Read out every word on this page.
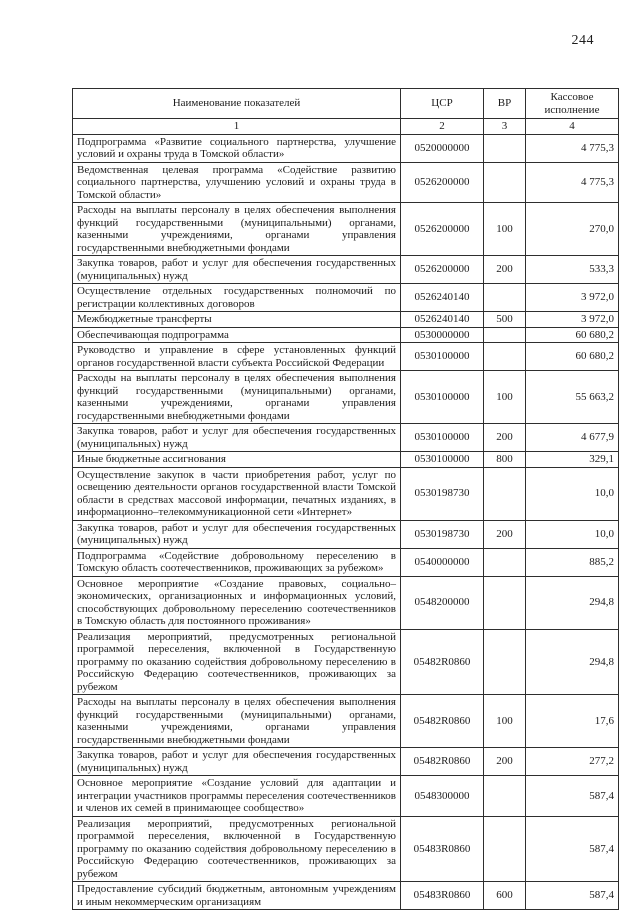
244
Наименование показателей	ЦСР	ВР	Кассовое исполнение
1	2	3	4
Подпрограмма «Развитие социального партнерства, улучшение условий и охраны труда в Томской области»	0520000000		4 775,3
Ведомственная целевая программа «Содействие развитию социального партнерства, улучшению условий и охраны труда в Томской области»	0526200000		4 775,3
Расходы на выплаты персоналу в целях обеспечения выполнения функций государственными (муниципальными) органами, казенными учреждениями, органами управления государственными внебюджетными фондами	0526200000	100	270,0
Закупка товаров, работ и услуг для обеспечения государственных (муниципальных) нужд	0526200000	200	533,3
Осуществление отдельных государственных полномочий по регистрации коллективных договоров	0526240140		3 972,0
Межбюджетные трансферты	0526240140	500	3 972,0
Обеспечивающая подпрограмма	0530000000		60 680,2
Руководство и управление в сфере установленных функций органов государственной власти субъекта Российской Федерации	0530100000		60 680,2
Расходы на выплаты персоналу в целях обеспечения выполнения функций государственными (муниципальными) органами, казенными учреждениями, органами управления государственными внебюджетными фондами	0530100000	100	55 663,2
Закупка товаров, работ и услуг для обеспечения государственных (муниципальных) нужд	0530100000	200	4 677,9
Иные бюджетные ассигнования	0530100000	800	329,1
Осуществление закупок в части приобретения работ, услуг по освещению деятельности органов государственной власти Томской области в средствах массовой информации, печатных изданиях, в информационно–телекоммуникационной сети «Интернет»	0530198730		10,0
Закупка товаров, работ и услуг для обеспечения государственных (муниципальных) нужд	0530198730	200	10,0
Подпрограмма «Содействие добровольному переселению в Томскую область соотечественников, проживающих за рубежом»	0540000000		885,2
Основное мероприятие «Создание правовых, социально–экономических, организационных и информационных условий, способствующих добровольному переселению соотечественников в Томскую область для постоянного проживания»	0548200000		294,8
Реализация мероприятий, предусмотренных региональной программой переселения, включенной в Государственную программу по оказанию содействия добровольному переселению в Российскую Федерацию соотечественников, проживающих за рубежом	05482R0860		294,8
Расходы на выплаты персоналу в целях обеспечения выполнения функций государственными (муниципальными) органами, казенными учреждениями, органами управления государственными внебюджетными фондами	05482R0860	100	17,6
Закупка товаров, работ и услуг для обеспечения государственных (муниципальных) нужд	05482R0860	200	277,2
Основное мероприятие «Создание условий для адаптации и интеграции участников программы переселения соотечественников и членов их семей в принимающее сообщество»	0548300000		587,4
Реализация мероприятий, предусмотренных региональной программой переселения, включенной в Государственную программу по оказанию содействия добровольному переселению в Российскую Федерацию соотечественников, проживающих за рубежом	05483R0860		587,4
Предоставление субсидий бюджетным, автономным учреждениям и иным некоммерческим организациям	05483R0860	600	587,4
